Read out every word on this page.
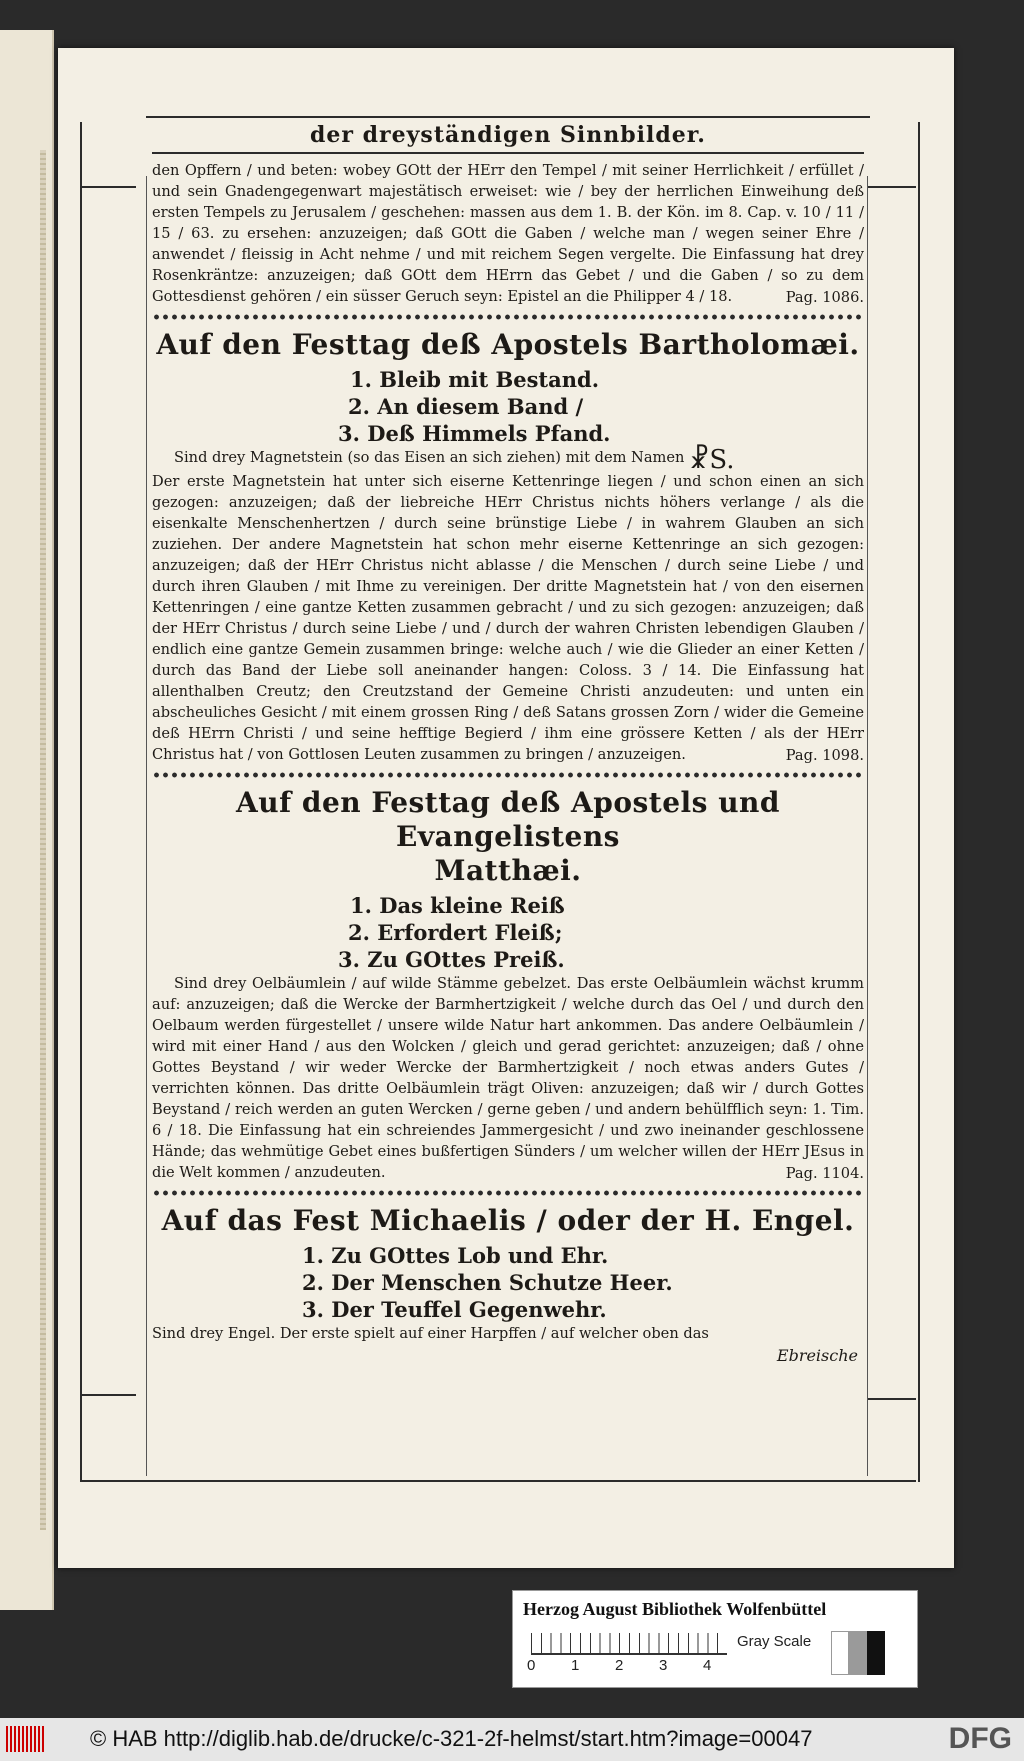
der dreyständigen Sinnbilder.

den Opffern / und beten: wobey GOtt der HErr den Tempel / mit seiner Herrlichkeit / erfüllet / und sein Gnadengegenwart majestätisch erweiset: wie / bey der herrlichen Einweihung deß ersten Tempels zu Jerusalem / geschehen: massen aus dem 1. B. der Kön. im 8. Cap. v. 10 / 11 / 15 / 63. zu ersehen: anzuzeigen; daß GOtt die Gaben / welche man / wegen seiner Ehre / anwendet / fleissig in Acht nehme / und mit reichem Segen vergelte. Die Einfassung hat drey Rosenkräntze: anzuzeigen; daß GOtt dem HErrn das Gebet / und die Gaben / so zu dem Gottesdienst gehören / ein süsser Geruch seyn: Epistel an die Philipper 4 / 18.	Pag. 1086.
Auf den Festtag deß Apostels Bartholomæi.
1. Bleib mit Bestand.
2. An diesem Band /
3. Deß Himmels Pfand.

Sind drey Magnetstein (so das Eisen an sich ziehen) mit dem Namen ☧S.

Der erste Magnetstein hat unter sich eiserne Kettenringe liegen / und schon einen an sich gezogen: anzuzeigen; daß der liebreiche HErr Christus nichts höhers verlange / als die eisenkalte Menschenhertzen / durch seine brünstige Liebe / in wahrem Glauben an sich zuziehen. Der andere Magnetstein hat schon mehr eiserne Kettenringe an sich gezogen: anzuzeigen; daß der HErr Christus nicht ablasse / die Menschen / durch seine Liebe / und durch ihren Glauben / mit Ihme zu vereinigen. Der dritte Magnetstein hat / von den eisernen Kettenringen / eine gantze Ketten zusammen gebracht / und zu sich gezogen: anzuzeigen; daß der HErr Christus / durch seine Liebe / und / durch der wahren Christen lebendigen Glauben / endlich eine gantze Gemein zusammen bringe: welche auch / wie die Glieder an einer Ketten / durch das Band der Liebe soll aneinander hangen: Coloss. 3 / 14. Die Einfassung hat allenthalben Creutz; den Creutzstand der Gemeine Christi anzudeuten: und unten ein abscheuliches Gesicht / mit einem grossen Ring / deß Satans grossen Zorn / wider die Gemeine deß HErrn Christi / und seine hefftige Begierd / ihm eine grössere Ketten / als der HErr Christus hat / von Gottlosen Leuten zusammen zu bringen / anzuzeigen.	Pag. 1098.
Auf den Festtag deß Apostels und Evangelistens
Matthæi.
1. Das kleine Reiß
2. Erfordert Fleiß;
3. Zu GOttes Preiß.

Sind drey Oelbäumlein / auf wilde Stämme gebelzet. Das erste Oelbäumlein wächst krumm auf: anzuzeigen; daß die Wercke der Barmhertzigkeit / welche durch das Oel / und durch den Oelbaum werden fürgestellet / unsere wilde Natur hart ankommen. Das andere Oelbäumlein / wird mit einer Hand / aus den Wolcken / gleich und gerad gerichtet: anzuzeigen; daß / ohne Gottes Beystand / wir weder Wercke der Barmhertzigkeit / noch etwas anders Gutes / verrichten können. Das dritte Oelbäumlein trägt Oliven: anzuzeigen; daß wir / durch Gottes Beystand / reich werden an guten Wercken / gerne geben / und andern behülfflich seyn: 1. Tim. 6 / 18. Die Einfassung hat ein schreiendes Jammergesicht / und zwo ineinander geschlossene Hände; das wehmütige Gebet eines bußfertigen Sünders / um welcher willen der HErr JEsus in die Welt kommen / anzudeuten.	Pag. 1104.
Auf das Fest Michaelis / oder der H. Engel.
1. Zu GOttes Lob und Ehr.
2. Der Menschen Schutze Heer.
3. Der Teuffel Gegenwehr.

Sind drey Engel. Der erste spielt auf einer Harpffen / auf welcher oben das

Ebreische
Herzog August Bibliothek Wolfenbüttel
0 1 2 3 4
Gray Scale
© HAB http://diglib.hab.de/drucke/c-321-2f-helmst/start.htm?image=00047	DFG
